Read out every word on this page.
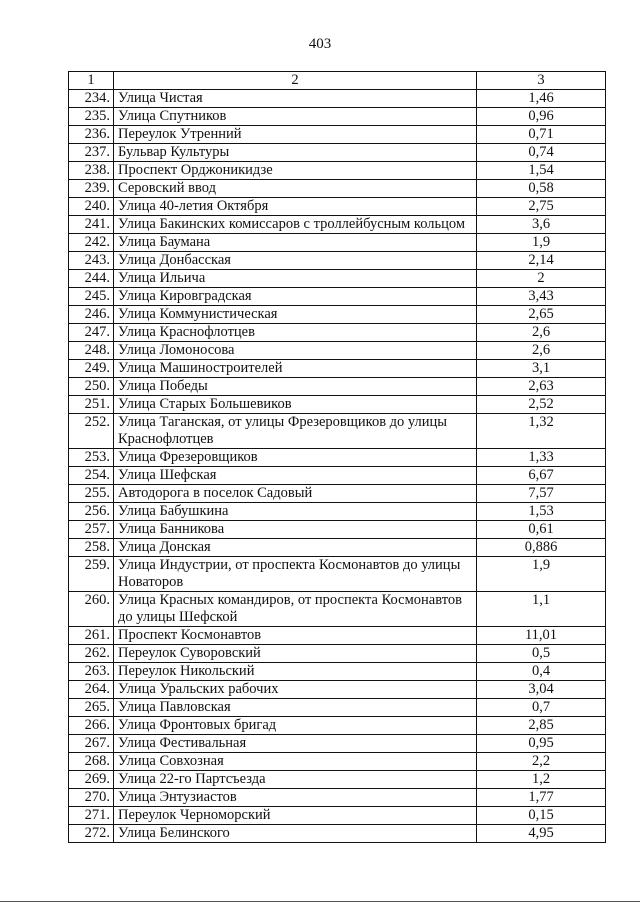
403
1	2	3
234.	Улица Чистая	1,46
235.	Улица Спутников	0,96
236.	Переулок Утренний	0,71
237.	Бульвар Культуры	0,74
238.	Проспект Орджоникидзе	1,54
239.	Серовский ввод	0,58
240.	Улица 40-летия Октября	2,75
241.	Улица Бакинских комиссаров с троллейбусным кольцом	3,6
242.	Улица Баумана	1,9
243.	Улица Донбасская	2,14
244.	Улица Ильича	2
245.	Улица Кировградская	3,43
246.	Улица Коммунистическая	2,65
247.	Улица Краснофлотцев	2,6
248.	Улица Ломоносова	2,6
249.	Улица Машиностроителей	3,1
250.	Улица Победы	2,63
251.	Улица Старых Большевиков	2,52
252.	Улица Таганская, от улицы Фрезеровщиков до улицы Краснофлотцев	1,32
253.	Улица Фрезеровщиков	1,33
254.	Улица Шефская	6,67
255.	Автодорога в поселок Садовый	7,57
256.	Улица Бабушкина	1,53
257.	Улица Банникова	0,61
258.	Улица Донская	0,886
259.	Улица Индустрии, от проспекта Космонавтов до улицы Новаторов	1,9
260.	Улица Красных командиров, от проспекта Космонавтов до улицы Шефской	1,1
261.	Проспект Космонавтов	11,01
262.	Переулок Суворовский	0,5
263.	Переулок Никольский	0,4
264.	Улица Уральских рабочих	3,04
265.	Улица Павловская	0,7
266.	Улица Фронтовых бригад	2,85
267.	Улица Фестивальная	0,95
268.	Улица Совхозная	2,2
269.	Улица 22-го Партсъезда	1,2
270.	Улица Энтузиастов	1,77
271.	Переулок Черноморский	0,15
272.	Улица Белинского	4,95
